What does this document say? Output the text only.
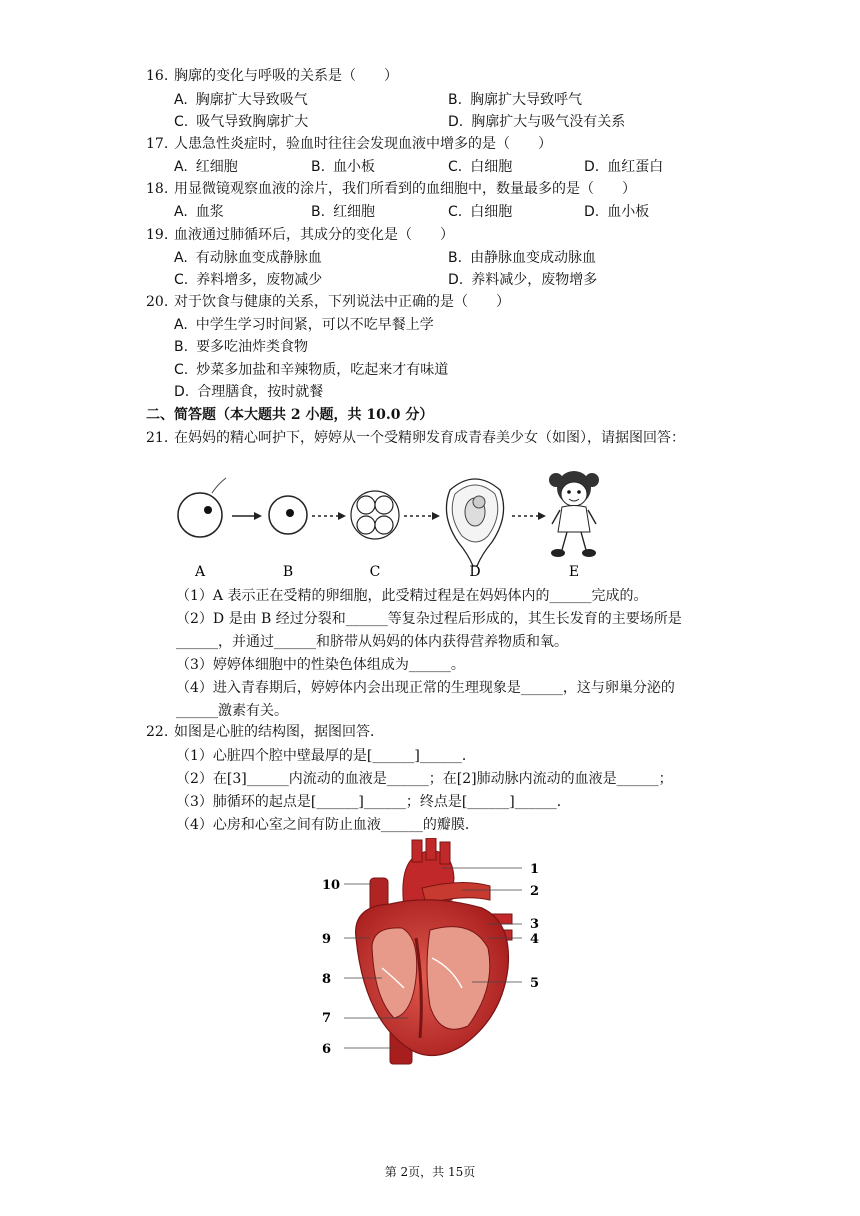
16. 胸廓的变化与呼吸的关系是（　　）
A. 胸廓扩大导致吸气	B. 胸廓扩大导致呼气
C. 吸气导致胸廓扩大	D. 胸廓扩大与吸气没有关系
17. 人患急性炎症时，验血时往往会发现血液中增多的是（　　）
A. 红细胞	B. 血小板	C. 白细胞	D. 血红蛋白
18. 用显微镜观察血液的涂片，我们所看到的血细胞中，数量最多的是（　　）
A. 血浆	B. 红细胞	C. 白细胞	D. 血小板
19. 血液通过肺循环后，其成分的变化是（　　）
A. 有动脉血变成静脉血	B. 由静脉血变成动脉血
C. 养料增多，废物减少	D. 养料减少，废物增多
20. 对于饮食与健康的关系，下列说法中正确的是（　　）
A. 中学生学习时间紧，可以不吃早餐上学
B. 要多吃油炸类食物
C. 炒菜多加盐和辛辣物质，吃起来才有味道
D. 合理膳食，按时就餐
二、简答题（本大题共 2 小题，共 10.0 分）
21. 在妈妈的精心呵护下，婷婷从一个受精卵发育成青春美少女（如图），请据图回答：
A	B	C	D	E
（1）A 表示正在受精的卵细胞，此受精过程是在妈妈体内的______完成的。
（2）D 是由 B 经过分裂和______等复杂过程后形成的，其生长发育的主要场所是
______，并通过______和脐带从妈妈的体内获得营养物质和氧。
（3）婷婷体细胞中的性染色体组成为______。
（4）进入青春期后，婷婷体内会出现正常的生理现象是______，这与卵巢分泌的
______激素有关。
22. 如图是心脏的结构图，据图回答．
（1）心脏四个腔中壁最厚的是[______]______．
（2）在[3]______内流动的血液是______；在[2]肺动脉内流动的血液是______；
（3）肺循环的起点是[______]______；终点是[______]______．
（4）心房和心室之间有防止血液______的瓣膜．
1
2
3
4
5
6
7
8
9
10
第 2页，共 15页
